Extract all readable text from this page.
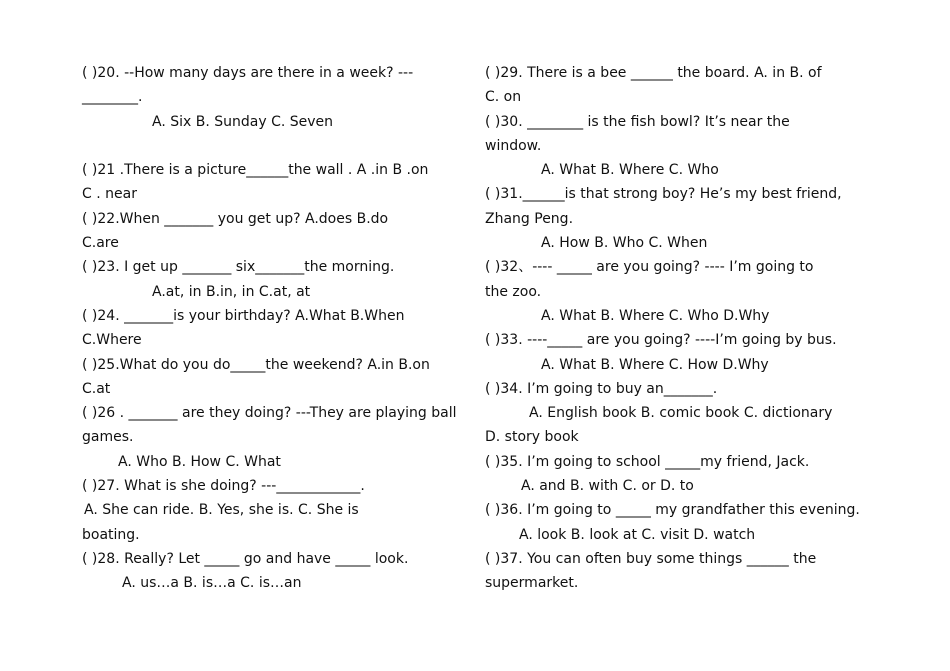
( )20. --How many days are there in a week? ---
________.
A. Six B. Sunday C. Seven
( )21 .There is a picture______the wall . A .in B .on
C . near
( )22.When _______ you get up? A.does B.do
C.are
( )23. I get up _______ six_______the morning.
A.at, in B.in, in C.at, at
( )24. _______is your birthday? A.What B.When
C.Where
( )25.What do you do_____the weekend? A.in B.on
C.at
( )26 . _______ are they doing? ---They are playing ball
games.
A. Who B. How C. What
( )27. What is she doing? ---____________.
A. She can ride. B. Yes, she is. C. She is
boating.
( )28. Really? Let _____ go and have _____ look.
A. us…a B. is…a C. is…an
( )29. There is a bee ______ the board. A. in B. of
C. on
( )30. ________ is the fish bowl? It’s near the
window.
A. What B. Where C. Who
( )31.______is that strong boy? He’s my best friend,
Zhang Peng.
A. How B. Who C. When
( )32、---- _____ are you going? ---- I’m going to
the zoo.
A. What B. Where C. Who D.Why
( )33. ----_____ are you going? ----I’m going by bus.
A. What B. Where C. How D.Why
( )34. I’m going to buy an_______.
A. English book B. comic book C. dictionary
D. story book
( )35. I’m going to school _____my friend, Jack.
A. and B. with C. or D. to
( )36. I’m going to _____ my grandfather this evening.
A. look B. look at C. visit D. watch
( )37. You can often buy some things ______ the
supermarket.
